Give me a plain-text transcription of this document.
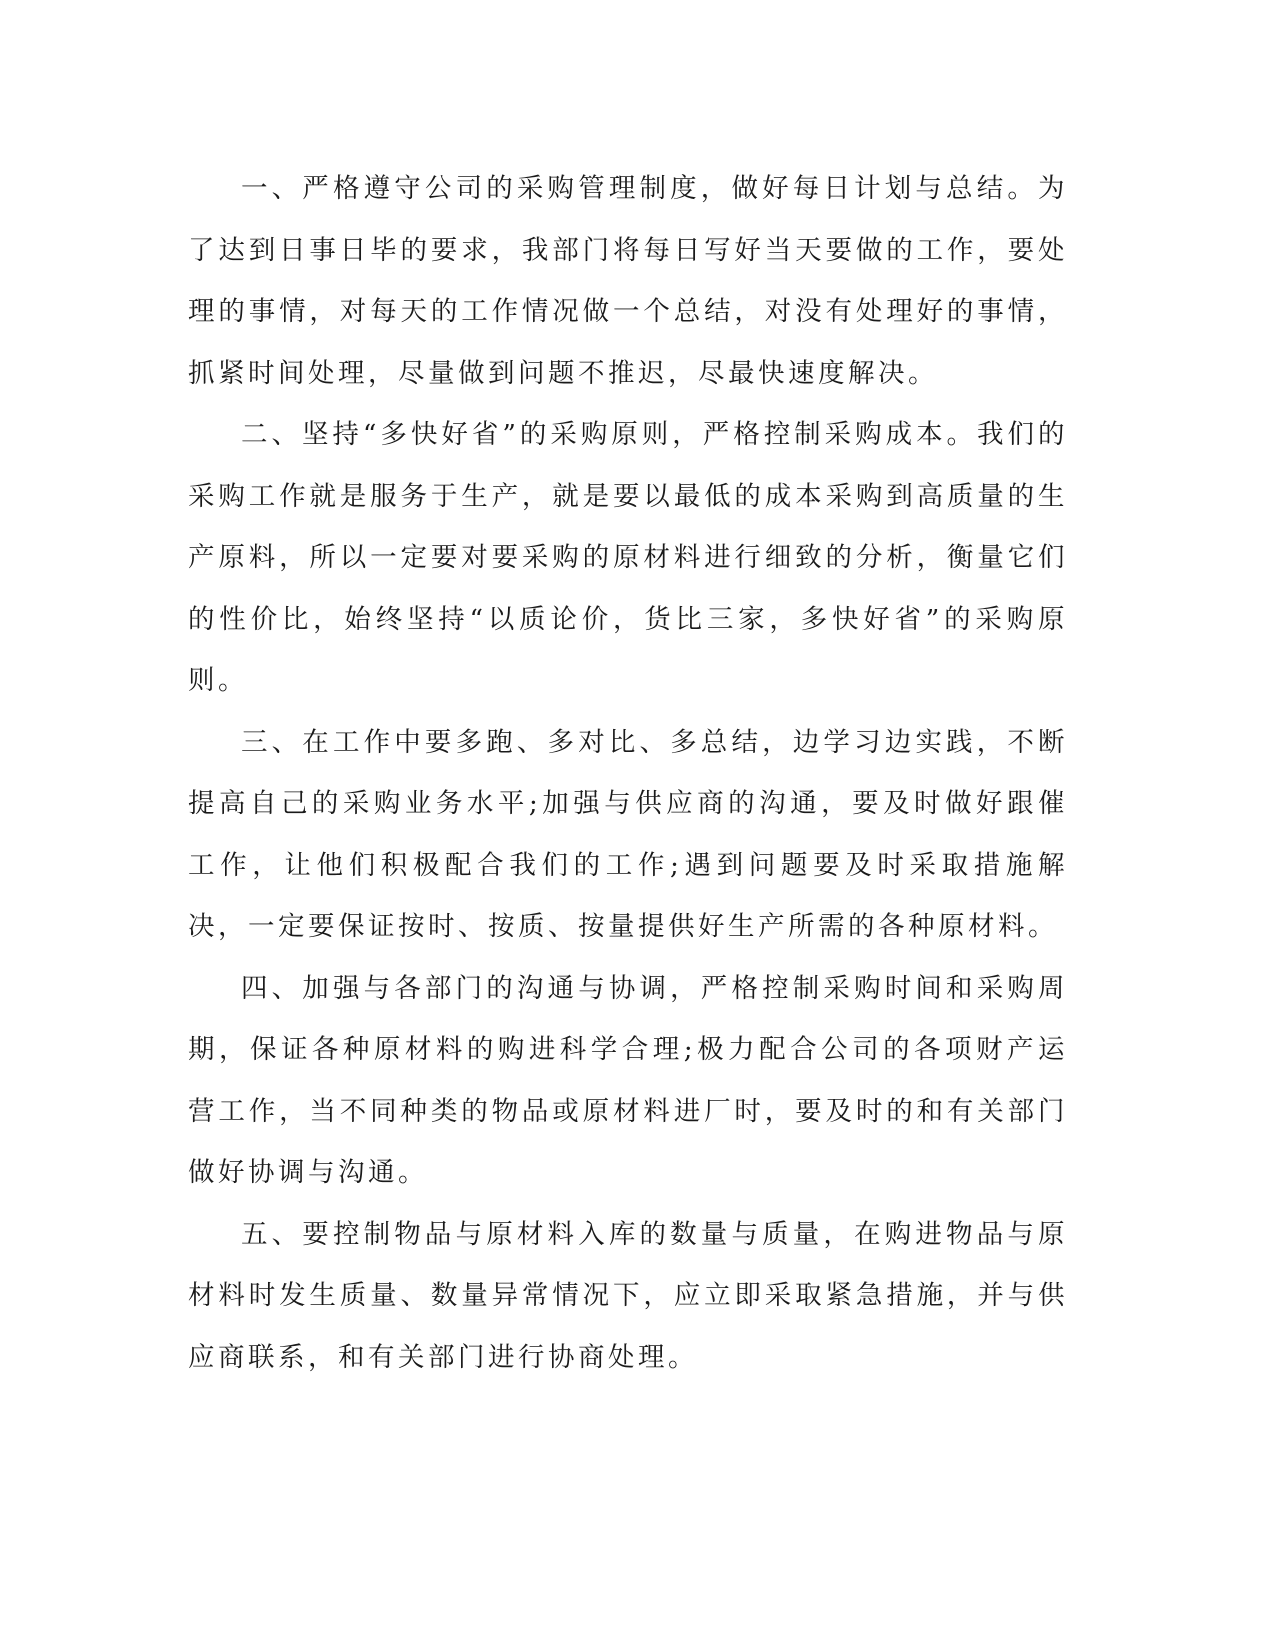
一、严格遵守公司的采购管理制度，做好每日计划与总结。为了达到日事日毕的要求，我部门将每日写好当天要做的工作，要处理的事情，对每天的工作情况做一个总结，对没有处理好的事情，抓紧时间处理，尽量做到问题不推迟，尽最快速度解决。

二、坚持“多快好省”的采购原则，严格控制采购成本。我们的采购工作就是服务于生产，就是要以最低的成本采购到高质量的生产原料，所以一定要对要采购的原材料进行细致的分析，衡量它们的性价比，始终坚持“以质论价，货比三家，多快好省”的采购原则。

三、在工作中要多跑、多对比、多总结，边学习边实践，不断提高自己的采购业务水平;加强与供应商的沟通，要及时做好跟催工作，让他们积极配合我们的工作;遇到问题要及时采取措施解决，一定要保证按时、按质、按量提供好生产所需的各种原材料。

四、加强与各部门的沟通与协调，严格控制采购时间和采购周期，保证各种原材料的购进科学合理;极力配合公司的各项财产运营工作，当不同种类的物品或原材料进厂时，要及时的和有关部门做好协调与沟通。

五、要控制物品与原材料入库的数量与质量，在购进物品与原材料时发生质量、数量异常情况下，应立即采取紧急措施，并与供应商联系，和有关部门进行协商处理。
